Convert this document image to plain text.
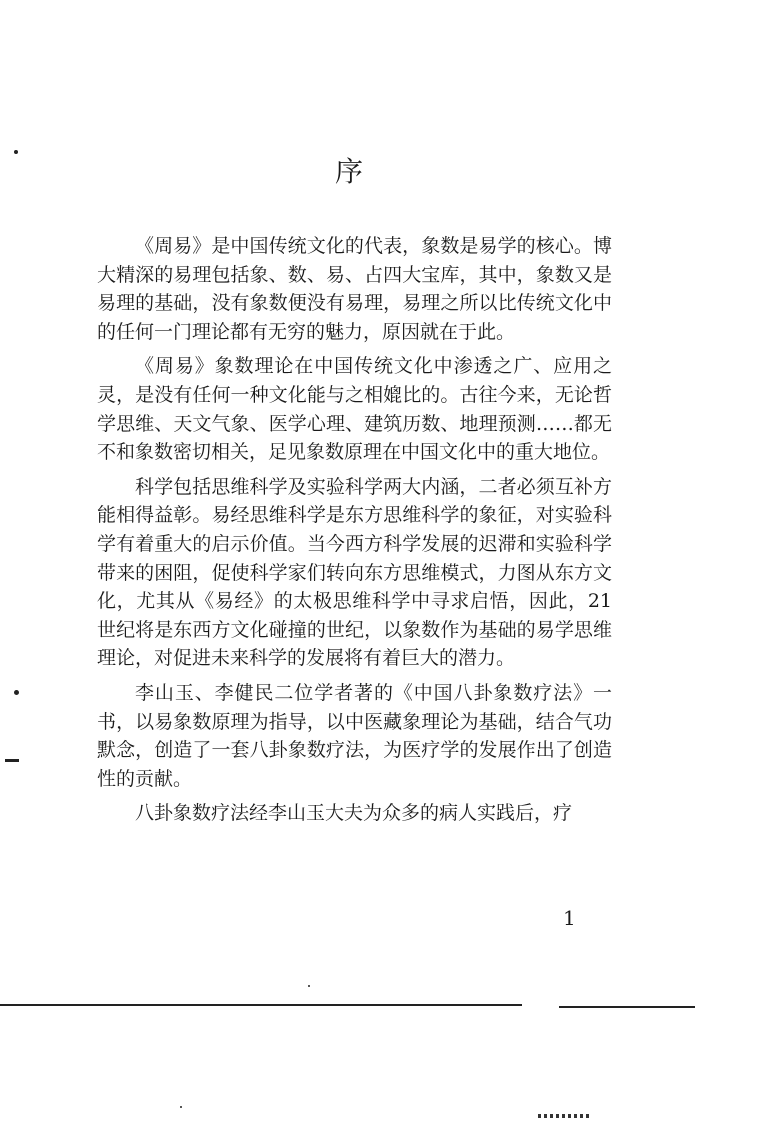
序

《周易》是中国传统文化的代表，象数是易学的核心。博大精深的易理包括象、数、易、占四大宝库，其中，象数又是易理的基础，没有象数便没有易理，易理之所以比传统文化中的任何一门理论都有无穷的魅力，原因就在于此。

《周易》象数理论在中国传统文化中渗透之广、应用之灵，是没有任何一种文化能与之相媲比的。古往今来，无论哲学思维、天文气象、医学心理、建筑历数、地理预测……都无不和象数密切相关，足见象数原理在中国文化中的重大地位。

科学包括思维科学及实验科学两大内涵，二者必须互补方能相得益彰。易经思维科学是东方思维科学的象征，对实验科学有着重大的启示价值。当今西方科学发展的迟滞和实验科学带来的困阻，促使科学家们转向东方思维模式，力图从东方文化，尤其从《易经》的太极思维科学中寻求启悟，因此，21世纪将是东西方文化碰撞的世纪，以象数作为基础的易学思维理论，对促进未来科学的发展将有着巨大的潜力。

李山玉、李健民二位学者著的《中国八卦象数疗法》一书，以易象数原理为指导，以中医藏象理论为基础，结合气功默念，创造了一套八卦象数疗法，为医疗学的发展作出了创造性的贡献。

八卦象数疗法经李山玉大夫为众多的病人实践后，疗

1
